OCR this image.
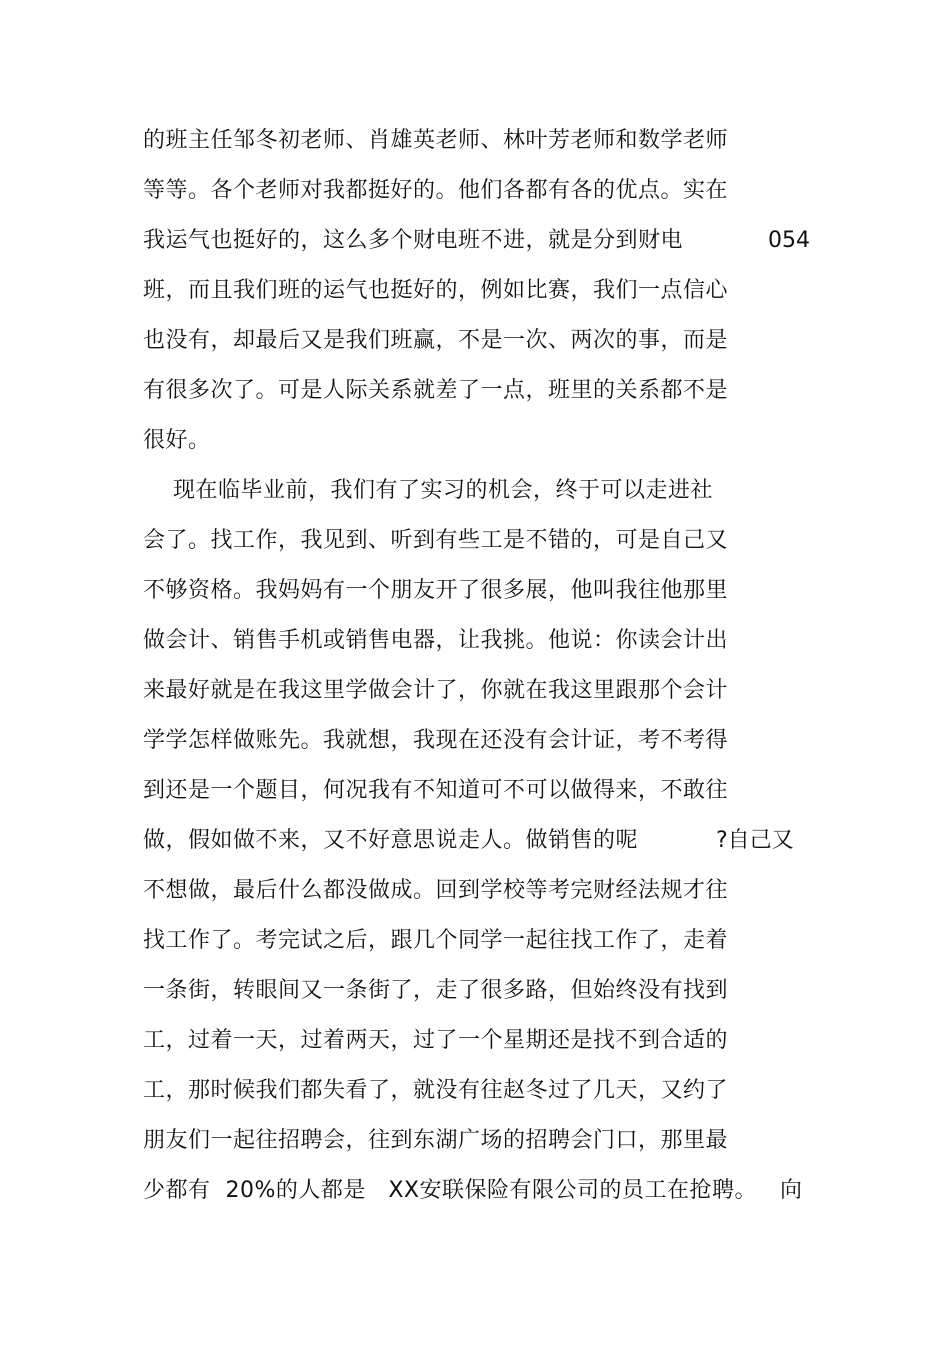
的班主任邹冬初老师、肖雄英老师、林叶芳老师和数学老师
等等。各个老师对我都挺好的。他们各都有各的优点。实在
我运气也挺好的，这么多个财电班不进，就是分到财电	054
班，而且我们班的运气也挺好的，例如比赛，我们一点信心
也没有，却最后又是我们班赢，不是一次、两次的事，而是
有很多次了。可是人际关系就差了一点，班里的关系都不是
很好。
现在临毕业前，我们有了实习的机会，终于可以走进社
会了。找工作，我见到、听到有些工是不错的，可是自己又
不够资格。我妈妈有一个朋友开了很多展，他叫我往他那里
做会计、销售手机或销售电器，让我挑。他说：你读会计出
来最好就是在我这里学做会计了，你就在我这里跟那个会计
学学怎样做账先。我就想，我现在还没有会计证，考不考得
到还是一个题目，何况我有不知道可不可以做得来，不敢往
做，假如做不来，又不好意思说走人。做销售的呢	?自己又
不想做，最后什么都没做成。回到学校等考完财经法规才往
找工作了。考完试之后，跟几个同学一起往找工作了，走着
一条街，转眼间又一条街了，走了很多路，但始终没有找到
工，过着一天，过着两天，过了一个星期还是找不到合适的
工，那时候我们都失看了，就没有往赵冬过了几天，又约了
朋友们一起往招聘会，往到东湖广场的招聘会门口，那里最
少都有  20%的人都是   XX安联保险有限公司的员工在抢聘。 向
